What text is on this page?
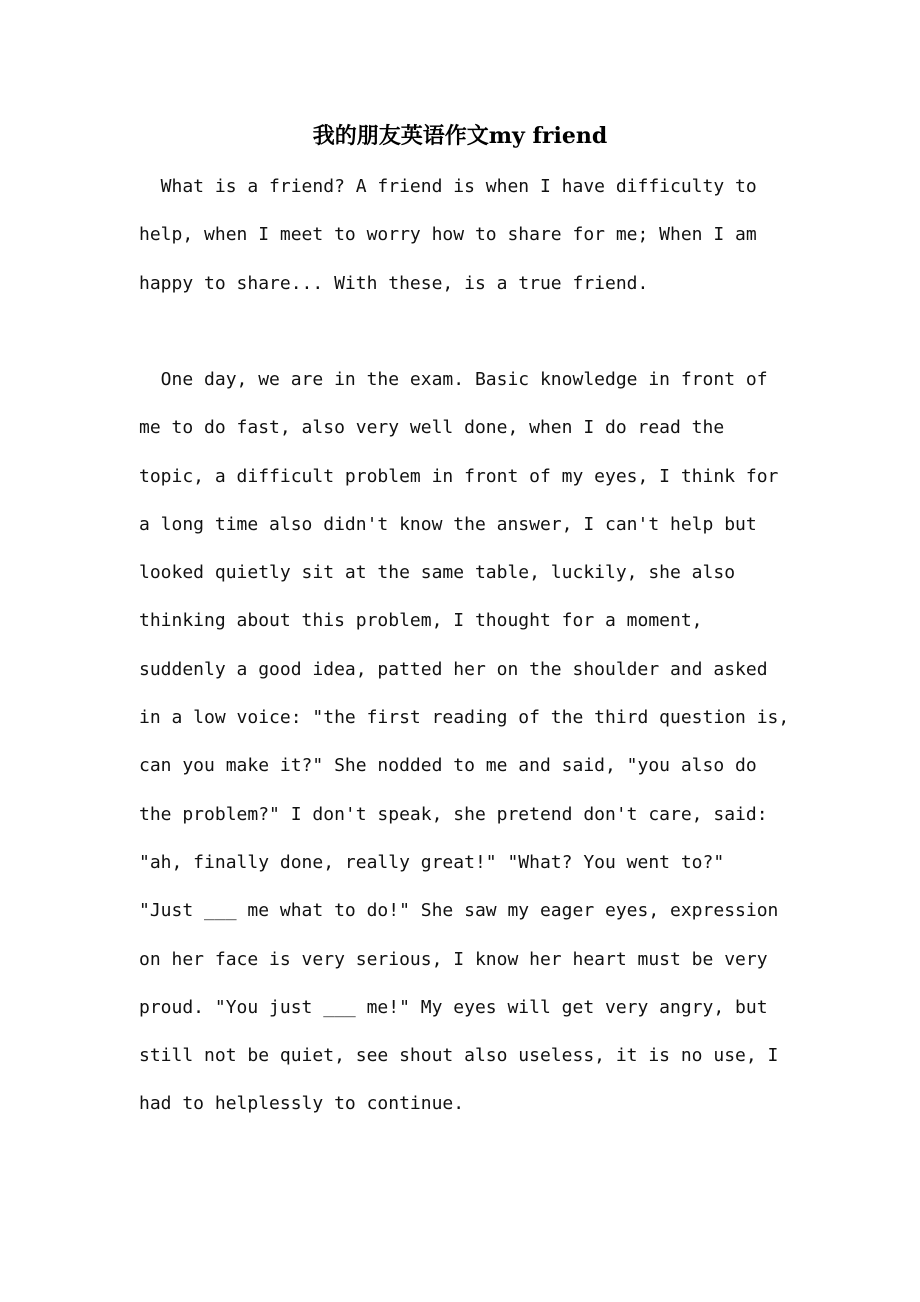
我的朋友英语作文my friend
What is a friend? A friend is when I have difficulty to
help, when I meet to worry how to share for me; When I am
happy to share... With these, is a true friend.
One day, we are in the exam. Basic knowledge in front of
me to do fast, also very well done, when I do read the
topic, a difficult problem in front of my eyes, I think for
a long time also didn't know the answer, I can't help but
looked quietly sit at the same table, luckily, she also
thinking about this problem, I thought for a moment,
suddenly a good idea, patted her on the shoulder and asked
in a low voice: "the first reading of the third question is,
can you make it?" She nodded to me and said, "you also do
the problem?" I don't speak, she pretend don't care, said:
"ah, finally done, really great!" "What? You went to?"
"Just ___ me what to do!" She saw my eager eyes, expression
on her face is very serious, I know her heart must be very
proud. "You just ___ me!" My eyes will get very angry, but
still not be quiet, see shout also useless, it is no use, I
had to helplessly to continue.
